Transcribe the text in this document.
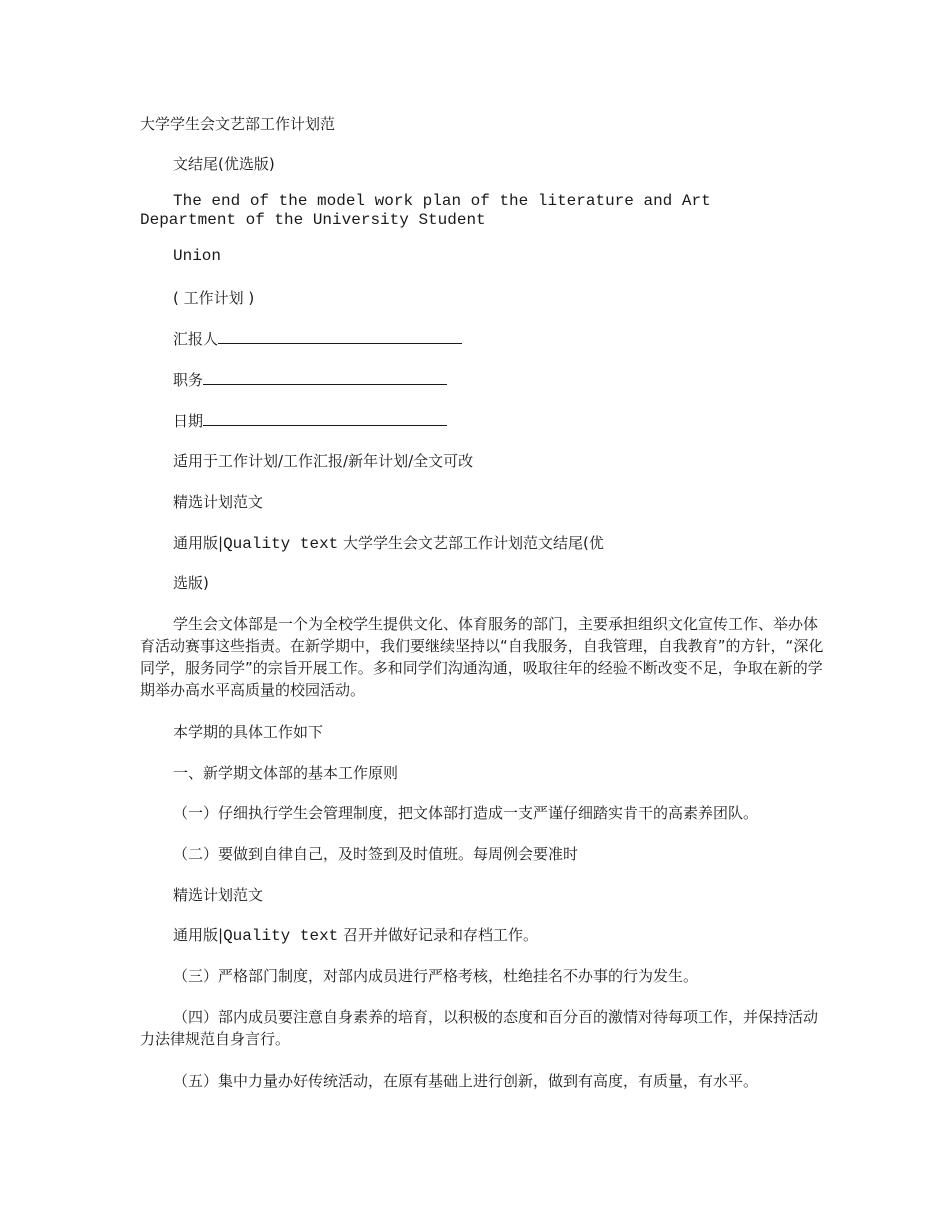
大学学生会文艺部工作计划范
文结尾(优选版)
The end of the model work plan of the literature and Art
Department of the University Student
Union
( 工作计划 )
汇报人
职务
日期
适用于工作计划/工作汇报/新年计划/全文可改
精选计划范文
通用版|Quality text 大学学生会文艺部工作计划范文结尾(优
选版)
学生会文体部是一个为全校学生提供文化、体育服务的部门，主要承担组织文化宣传工作、举办体育活动赛事这些指责。在新学期中，我们要继续坚持以“自我服务，自我管理，自我教育”的方针，“深化同学，服务同学”的宗旨开展工作。多和同学们沟通沟通，吸取往年的经验不断改变不足，争取在新的学期举办高水平高质量的校园活动。
本学期的具体工作如下
一、新学期文体部的基本工作原则
（一）仔细执行学生会管理制度，把文体部打造成一支严谨仔细踏实肯干的高素养团队。
（二）要做到自律自己，及时签到及时值班。每周例会要准时
精选计划范文
通用版|Quality text 召开并做好记录和存档工作。
（三）严格部门制度，对部内成员进行严格考核，杜绝挂名不办事的行为发生。
（四）部内成员要注意自身素养的培育，以积极的态度和百分百的激情对待每项工作，并保持活动力法律规范自身言行。
（五）集中力量办好传统活动，在原有基础上进行创新，做到有高度，有质量，有水平。
